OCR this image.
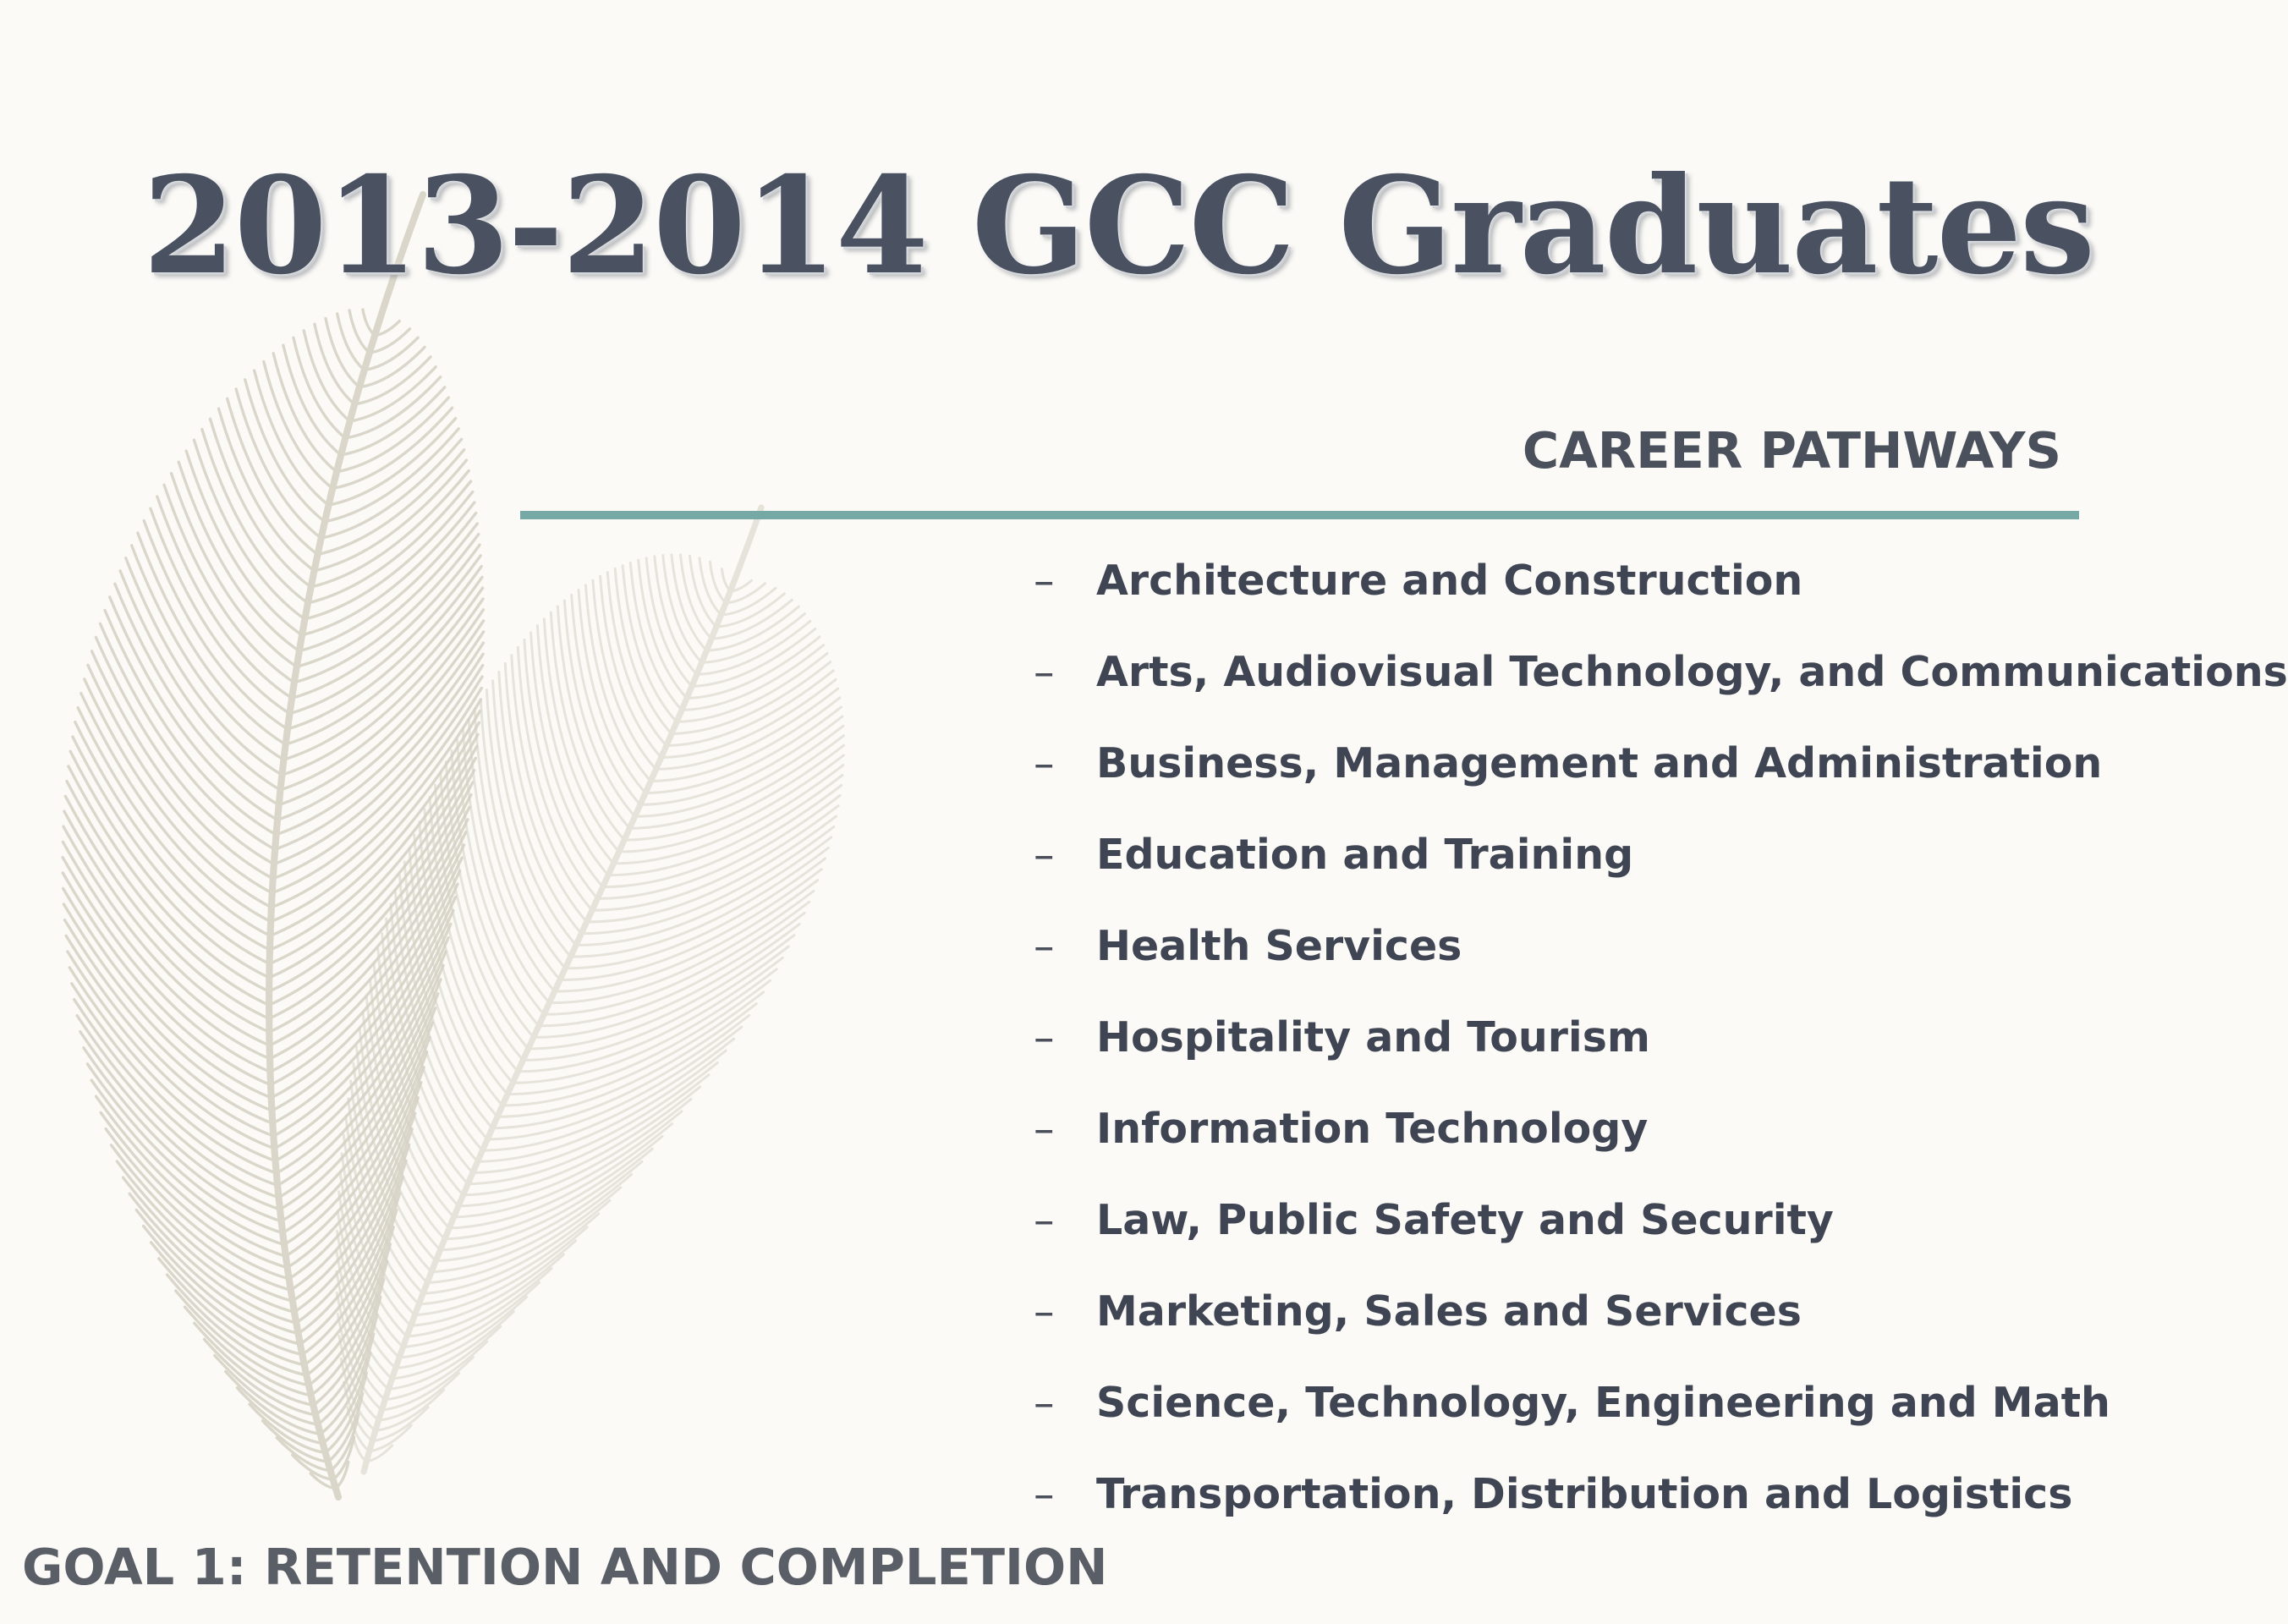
2013-2014 GCC Graduates
CAREER PATHWAYS
–	Architecture and Construction
–	Arts, Audiovisual Technology, and Communications
–	Business, Management and Administration
–	Education and Training
–	Health Services
–	Hospitality and Tourism
–	Information Technology
–	Law, Public Safety and Security
–	Marketing, Sales and Services
–	Science, Technology, Engineering and Math
–	Transportation, Distribution and Logistics

GOAL 1: RETENTION AND COMPLETION
